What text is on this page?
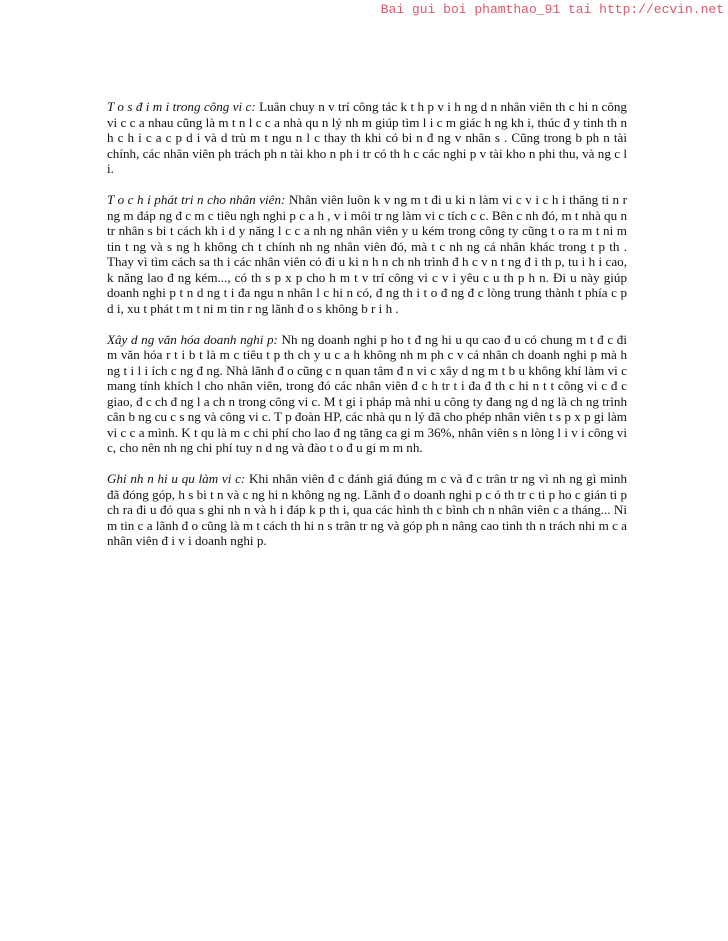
Bai gui boi phamthao_91 tai http://ecvin.net

T o s đ i m i trong công vi c: Luân chuy n v trí công tác k t h p v i h ng d n nhân viên th c hi n công vi c c a nhau cũng là m t n l c c a nhà qu n lý nh m giúp tìm l i c m giác h ng kh i, thúc đ y tinh th n h c h i c a c p d i và d trù m t ngu n l c thay th khi có bi n đ ng v nhân s . Cũng trong b ph n tài chính, các nhân viên ph trách ph n tài kho n ph i tr có th h c các nghi p v tài kho n phi thu, và ng c l i.

T o c h i phát tri n cho nhân viên: Nhân viên luôn k v ng m t đi u ki n làm vi c v i c h i thăng ti n r ng m đáp ng đ c m c tiêu ngh nghi p c a h , v i môi tr ng làm vi c tích c c. Bên c nh đó, m t nhà qu n tr nhân s bi t cách kh i d y năng l c c a nh ng nhân viên y u kém trong công ty cũng t o ra m t ni m tin t ng và s ng h không ch t chính nh ng nhân viên đó, mà t c nh ng cá nhân khác trong t p th . Thay vì tìm cách sa th i các nhân viên có đi u ki n h n ch nh trình đ h c v n t ng đ i th p, tu i h i cao, k năng lao đ ng kém..., có th s p x p cho h m t v trí công vi c v i yêu c u th p h n. Đi u này giúp doanh nghi p t n d ng t i đa ngu n nhân l c hi n có, đ ng th i t o đ ng đ c lòng trung thành t phía c p d i, xu t phát t m t ni m tin r ng lãnh đ o s không b r i h .

Xây d ng văn hóa doanh nghi p: Nh ng doanh nghi p ho t đ ng hi u qu cao đ u có chung m t đ c đi m văn hóa r t i b t là m c tiêu t p th ch y u c a h không nh m ph c v cá nhân ch doanh nghi p mà h ng t i l i ích c ng đ ng. Nhà lãnh đ o cũng c n quan tâm đ n vi c xây d ng m t b u không khí làm vi c mang tính khích l cho nhân viên, trong đó các nhân viên đ c h tr t i đa đ th c hi n t t công vi c đ c giao, đ c ch đ ng l a ch n trong công vi c. M t gi i pháp mà nhi u công ty đang ng d ng là ch ng trình cân b ng cu c s ng và công vi c. T p đoàn HP, các nhà qu n lý đã cho phép nhân viên t s p x p gi làm vi c c a mình. K t qu là m c chi phí cho lao đ ng tăng ca gi m 36%, nhân viên s n lòng l i v i công vi c, cho nên nh ng chi phí tuy n d ng và đào t o đ u gi m m nh.

Ghi nh n hi u qu làm vi c: Khi nhân viên đ c đánh giá đúng m c và đ c trân tr ng vì nh ng gì mình đã đóng góp, h s bi t n và c ng hi n không ng ng. Lãnh đ o doanh nghi p c ó th tr c ti p ho c gián ti p ch ra đi u đó qua s ghi nh n và h i đáp k p th i, qua các hình th c bình ch n nhân viên c a tháng... Ni m tin c a lãnh đ o cũng là m t cách th hi n s trân tr ng và góp ph n nâng cao tinh th n trách nhi m c a nhân viên đ i v i doanh nghi p.
